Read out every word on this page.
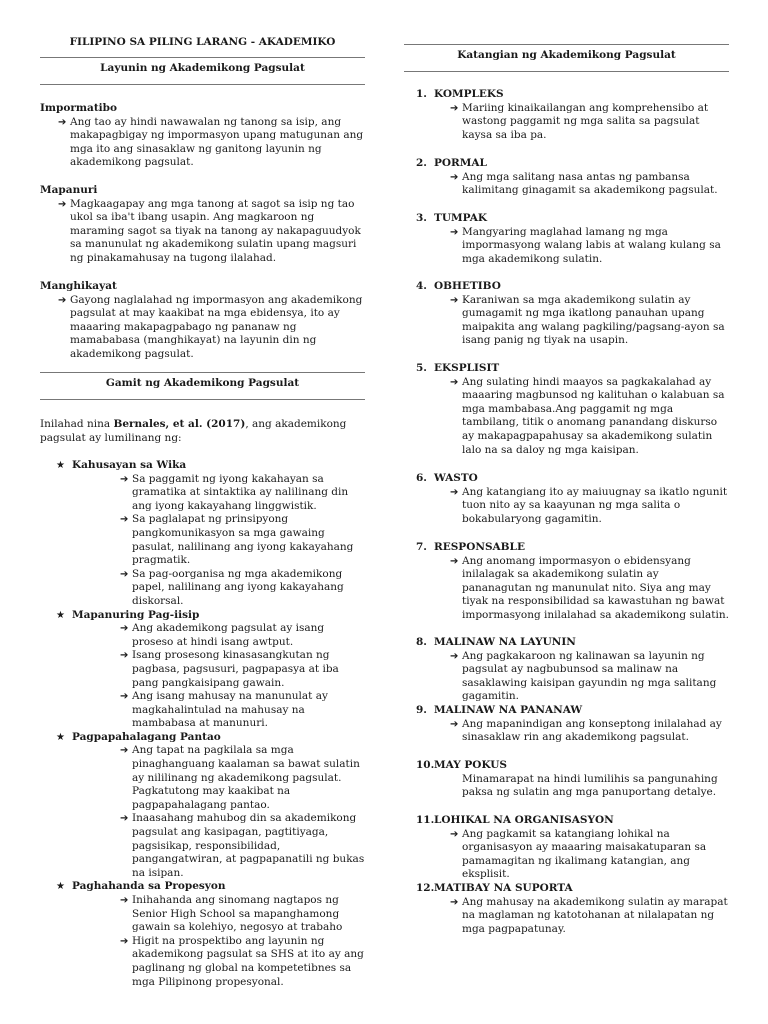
FILIPINO SA PILING LARANG - AKADEMIKO
Layunin ng Akademikong Pagsulat
Impormatibo
➔ Ang tao ay hindi nawawalan ng tanong sa isip, ang makapagbigay ng impormasyon upang matugunan ang mga ito ang sinasaklaw ng ganitong layunin ng akademikong pagsulat.
Mapanuri
➔ Magkaagapay ang mga tanong at sagot sa isip ng tao ukol sa iba't ibang usapin. Ang magkaroon ng maraming sagot sa tiyak na tanong ay nakapaguudyok sa manunulat ng akademikong sulatin upang magsuri ng pinakamahusay na tugong ilalahad.
Manghikayat
➔ Gayong naglalahad ng impormasyon ang akademikong pagsulat at may kaakibat na mga ebidensya, ito ay maaaring makapagpabago ng pananaw ng mamababasa (manghikayat) na layunin din ng akademikong pagsulat.
Gamit ng Akademikong Pagsulat

Inilahad nina Bernales, et al. (2017), ang akademikong pagsulat ay lumilinang ng:

★ Kahusayan sa Wika
➔ Sa paggamit ng iyong kakahayan sa gramatika at sintaktika ay nalilinang din ang iyong kakayahang linggwistik.
➔ Sa paglalapat ng prinsipyong pangkomunikasyon sa mga gawaing pasulat, nalilinang ang iyong kakayahang pragmatik.
➔ Sa pag-oorganisa ng mga akademikong papel, nalilinang ang iyong kakayahang diskorsal.
★ Mapanuring Pag-iisip
➔ Ang akademikong pagsulat ay isang proseso at hindi isang awtput.
➔ Isang prosesong kinasasangkutan ng pagbasa, pagsusuri, pagpapasya at iba pang pangkaisipang gawain.
➔ Ang isang mahusay na manunulat ay magkahalintulad na mahusay na mambabasa at manunuri.
★ Pagpapahalagang Pantao
➔ Ang tapat na pagkilala sa mga pinaghanguang kaalaman sa bawat sulatin ay nililinang ng akademikong pagsulat. Pagkatutong may kaakibat na pagpapahalagang pantao.
➔ Inaasahang mahubog din sa akademikong pagsulat ang kasipagan, pagtitiyaga, pagsisikap, responsibilidad, pangangatwiran, at pagpapanatili ng bukas na isipan.
★ Paghahanda sa Propesyon
➔ Inihahanda ang sinomang nagtapos ng Senior High School sa mapanghamong gawain sa kolehiyo, negosyo at trabaho
➔ Higit na prospektibo ang layunin ng akademikong pagsulat sa SHS at ito ay ang paglinang ng global na kompetetibnes sa mga Pilipinong propesyonal.
Katangian ng Akademikong Pagsulat
1. KOMPLEKS
➔ Mariing kinaikailangan ang komprehensibo at wastong paggamit ng mga salita sa pagsulat kaysa sa iba pa.
2. PORMAL
➔ Ang mga salitang nasa antas ng pambansa kalimitang ginagamit sa akademikong pagsulat.
3. TUMPAK
➔ Mangyaring maglahad lamang ng mga impormasyong walang labis at walang kulang sa mga akademikong sulatin.
4. OBHETIBO
➔ Karaniwan sa mga akademikong sulatin ay gumagamit ng mga ikatlong panauhan upang maipakita ang walang pagkiling/pagsang-ayon sa isang panig ng tiyak na usapin.
5. EKSPLISIT
➔ Ang sulating hindi maayos sa pagkakalahad ay maaaring magbunsod ng kalituhan o kalabuan sa mga mambabasa.Ang paggamit ng mga tambilang, titik o anomang panandang diskurso ay makapagpapahusay sa akademikong sulatin lalo na sa daloy ng mga kaisipan.
6. WASTO
➔ Ang katangiang ito ay maiuugnay sa ikatlo ngunit tuon nito ay sa kaayunan ng mga salita o bokabularyong gagamitin.
7. RESPONSABLE
➔ Ang anomang impormasyon o ebidensyang inilalagak sa akademikong sulatin ay pananagutan ng manunulat nito. Siya ang may tiyak na responsibilidad sa kawastuhan ng bawat impormasyong inilalahad sa akademikong sulatin.
8. MALINAW NA LAYUNIN
➔ Ang pagkakaroon ng kalinawan sa layunin ng pagsulat ay nagbubunsod sa malinaw na sasaklawing kaisipan gayundin ng mga salitang gagamitin.
9. MALINAW NA PANANAW
➔ Ang mapanindigan ang konseptong inilalahad ay sinasaklaw rin ang akademikong pagsulat.
10. MAY POKUS
Minamarapat na hindi lumilihis sa pangunahing paksa ng sulatin ang mga panuportang detalye.
11. LOHIKAL NA ORGANISASYON
➔ Ang pagkamit sa katangiang lohikal na organisasyon ay maaaring maisakatuparan sa pamamagitan ng ikalimang katangian, ang eksplisit.
12. MATIBAY NA SUPORTA
➔ Ang mahusay na akademikong sulatin ay marapat na maglaman ng katotohanan at nilalapatan ng mga pagpapatunay.
